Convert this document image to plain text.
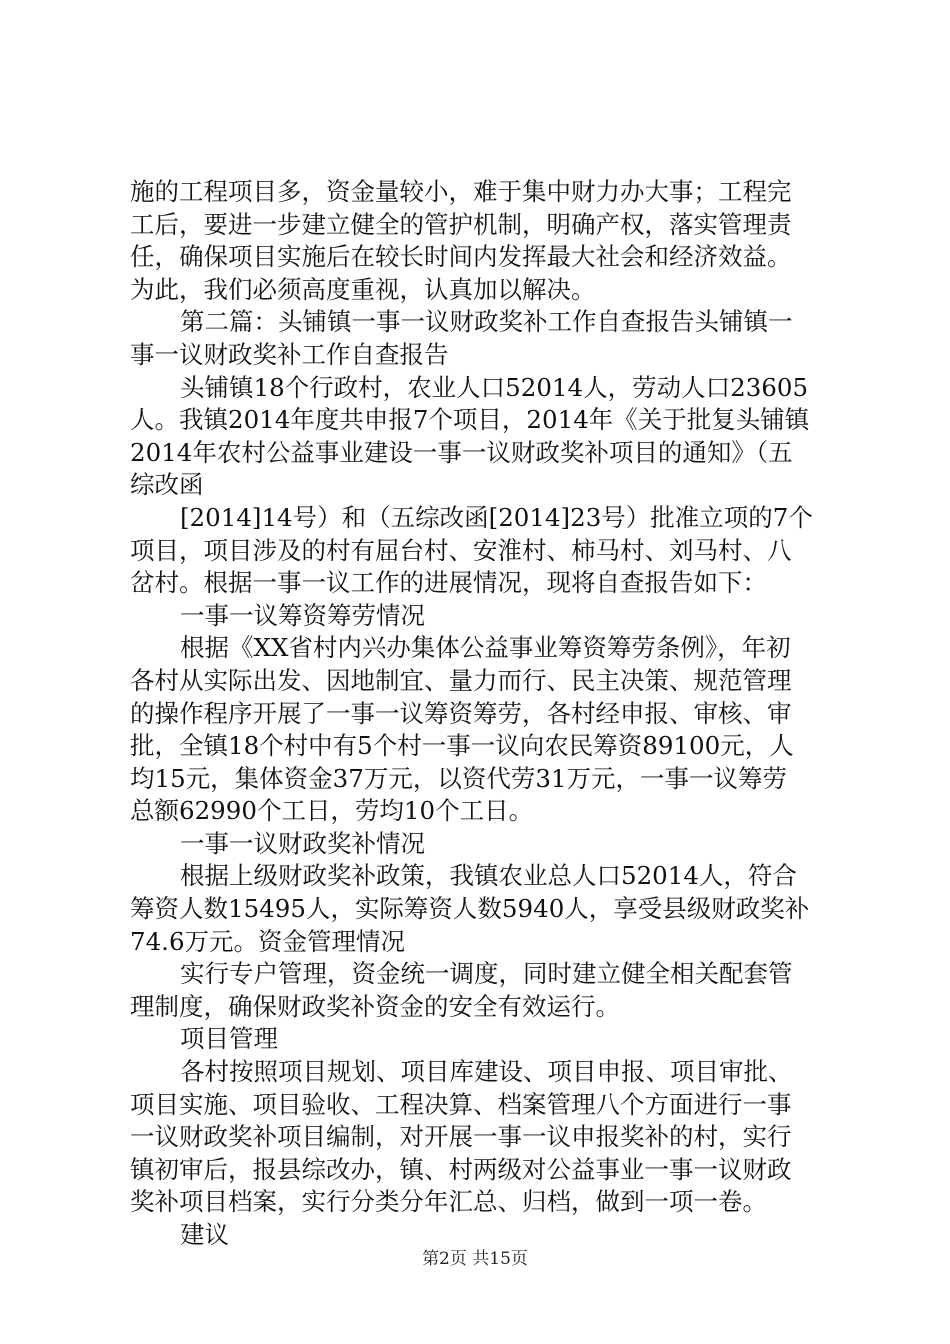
施的工程项目多，资金量较小，难于集中财力办大事；工程完
工后，要进一步建立健全的管护机制，明确产权，落实管理责
任，确保项目实施后在较长时间内发挥最大社会和经济效益。
为此，我们必须高度重视，认真加以解决。
第二篇：头铺镇一事一议财政奖补工作自查报告头铺镇一
事一议财政奖补工作自查报告
头铺镇18个行政村，农业人口52014人，劳动人口23605
人。我镇2014年度共申报7个项目，2014年《关于批复头铺镇
2014年农村公益事业建设一事一议财政奖补项目的通知》（五
综改函
[2014]14号）和（五综改函[2014]23号）批准立项的7个
项目，项目涉及的村有屈台村、安淮村、柿马村、刘马村、八
岔村。根据一事一议工作的进展情况，现将自查报告如下：
一事一议筹资筹劳情况
根据《XX省村内兴办集体公益事业筹资筹劳条例》，年初
各村从实际出发、因地制宜、量力而行、民主决策、规范管理
的操作程序开展了一事一议筹资筹劳，各村经申报、审核、审
批，全镇18个村中有5个村一事一议向农民筹资89100元，人
均15元，集体资金37万元，以资代劳31万元，一事一议筹劳
总额62990个工日，劳均10个工日。
一事一议财政奖补情况
根据上级财政奖补政策，我镇农业总人口52014人，符合
筹资人数15495人，实际筹资人数5940人，享受县级财政奖补
74.6万元。资金管理情况
实行专户管理，资金统一调度，同时建立健全相关配套管
理制度，确保财政奖补资金的安全有效运行。
项目管理
各村按照项目规划、项目库建设、项目申报、项目审批、
项目实施、项目验收、工程决算、档案管理八个方面进行一事
一议财政奖补项目编制，对开展一事一议申报奖补的村，实行
镇初审后，报县综改办，镇、村两级对公益事业一事一议财政
奖补项目档案，实行分类分年汇总、归档，做到一项一卷。
建议
第2页 共15页
